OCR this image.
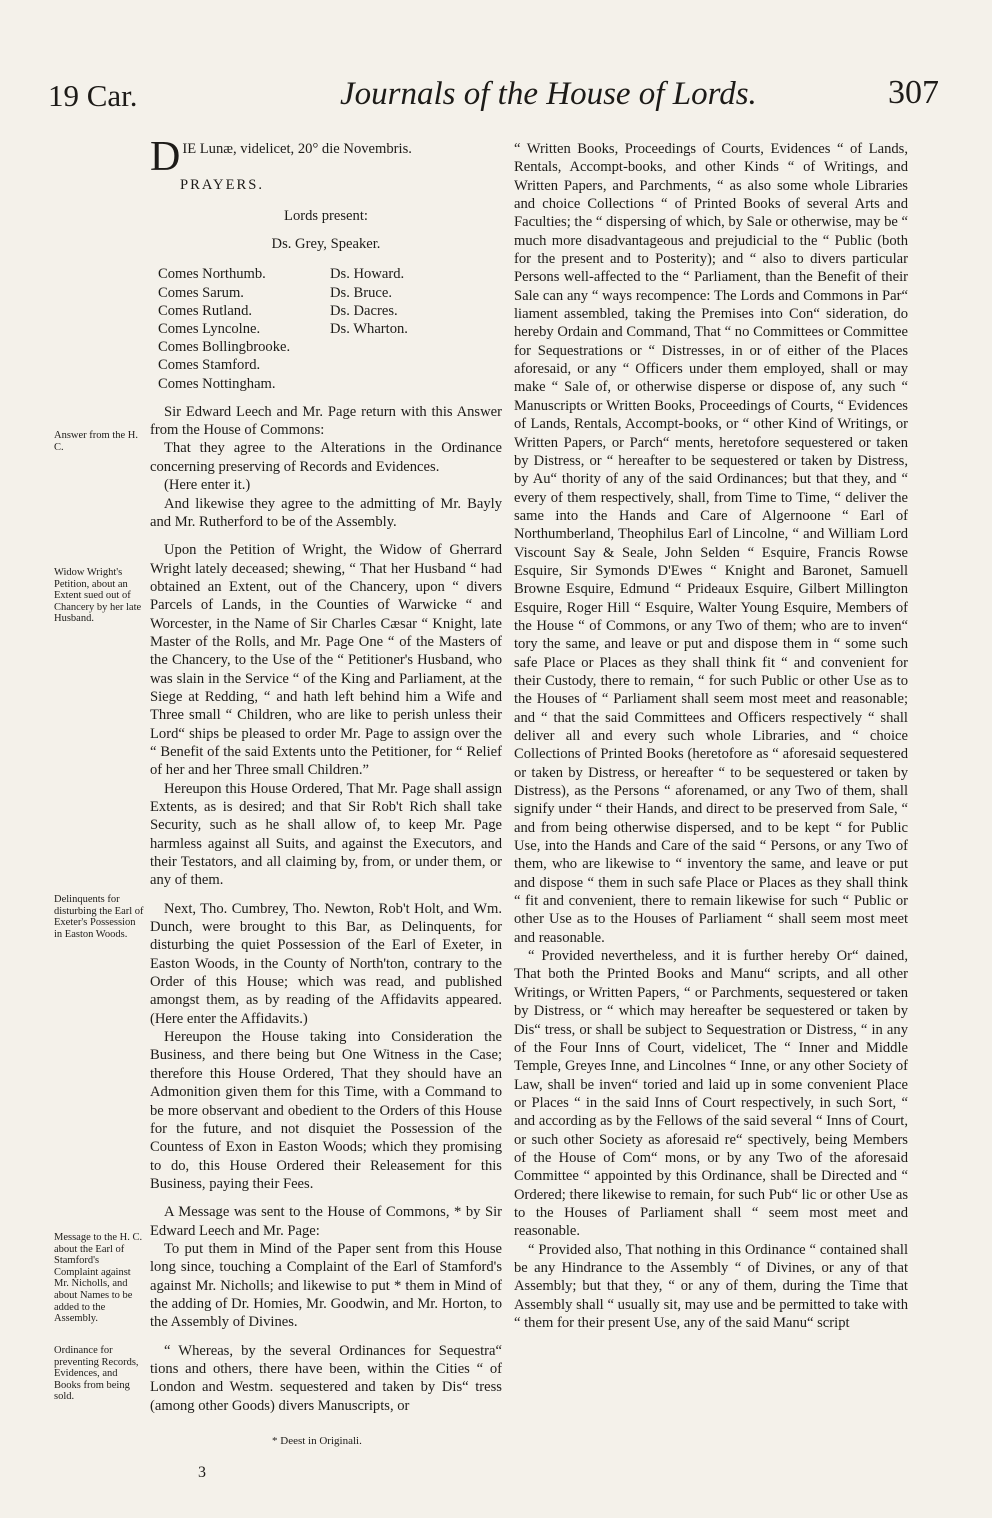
19 Car.	Journals of the House of Lords.	307
Answer from the H. C.
Widow Wright's Petition, about an Extent sued out of Chancery by her late Husband.
Delinquents for disturbing the Earl of Exeter's Possession in Easton Woods.
Message to the H. C. about the Earl of Stamford's Complaint against Mr. Nicholls, and about Names to be added to the Assembly.
Ordinance for preventing Records, Evidences, and Books from being sold.

D IE Lunæ, videlicet, 20° die Novembris.

PRAYERS.

Lords present:

Ds. Grey, Speaker.

Comes Northumb.
Comes Sarum.
Comes Rutland.
Comes Lyncolne.
Comes Bollingbrooke.
Comes Stamford.
Comes Nottingham.
Ds. Howard.
Ds. Bruce.
Ds. Dacres.
Ds. Wharton.

Sir Edward Leech and Mr. Page return with this Answer from the House of Commons:

That they agree to the Alterations in the Ordinance concerning preserving of Records and Evidences.

(Here enter it.)

And likewise they agree to the admitting of Mr. Bayly and Mr. Rutherford to be of the Assembly.

Upon the Petition of Wright, the Widow of Gherrard Wright lately deceased; shewing, “ That her Husband “ had obtained an Extent, out of the Chancery, upon “ divers Parcels of Lands, in the Counties of Warwicke “ and Worcester, in the Name of Sir Charles Cæsar “ Knight, late Master of the Rolls, and Mr. Page One “ of the Masters of the Chancery, to the Use of the “ Petitioner's Husband, who was slain in the Service “ of the King and Parliament, at the Siege at Redding, “ and hath left behind him a Wife and Three small “ Children, who are like to perish unless their Lord“ ships be pleased to order Mr. Page to assign over the “ Benefit of the said Extents unto the Petitioner, for “ Relief of her and her Three small Children.”

Hereupon this House Ordered, That Mr. Page shall assign Extents, as is desired; and that Sir Rob't Rich shall take Security, such as he shall allow of, to keep Mr. Page harmless against all Suits, and against the Executors, and their Testators, and all claiming by, from, or under them, or any of them.

Next, Tho. Cumbrey, Tho. Newton, Rob't Holt, and Wm. Dunch, were brought to this Bar, as Delinquents, for disturbing the quiet Possession of the Earl of Exeter, in Easton Woods, in the County of North'ton, contrary to the Order of this House; which was read, and published amongst them, as by reading of the Affidavits appeared. (Here enter the Affidavits.)

Hereupon the House taking into Consideration the Business, and there being but One Witness in the Case; therefore this House Ordered, That they should have an Admonition given them for this Time, with a Command to be more observant and obedient to the Orders of this House for the future, and not disquiet the Possession of the Countess of Exon in Easton Woods; which they promising to do, this House Ordered their Releasement for this Business, paying their Fees.

A Message was sent to the House of Commons, * by Sir Edward Leech and Mr. Page:

To put them in Mind of the Paper sent from this House long since, touching a Complaint of the Earl of Stamford's against Mr. Nicholls; and likewise to put * them in Mind of the adding of Dr. Homies, Mr. Goodwin, and Mr. Horton, to the Assembly of Divines.

“ Whereas, by the several Ordinances for Sequestra“ tions and others, there have been, within the Cities “ of London and Westm. sequestered and taken by Dis“ tress (among other Goods) divers Manuscripts, or

“ Written Books, Proceedings of Courts, Evidences “ of Lands, Rentals, Accompt-books, and other Kinds “ of Writings, and Written Papers, and Parchments, “ as also some whole Libraries and choice Collections “ of Printed Books of several Arts and Faculties; the “ dispersing of which, by Sale or otherwise, may be “ much more disadvantageous and prejudicial to the “ Public (both for the present and to Posterity); and “ also to divers particular Persons well-affected to the “ Parliament, than the Benefit of their Sale can any “ ways recompence: The Lords and Commons in Par“ liament assembled, taking the Premises into Con“ sideration, do hereby Ordain and Command, That “ no Committees or Committee for Sequestrations or “ Distresses, in or of either of the Places aforesaid, or any “ Officers under them employed, shall or may make “ Sale of, or otherwise disperse or dispose of, any such “ Manuscripts or Written Books, Proceedings of Courts, “ Evidences of Lands, Rentals, Accompt-books, or “ other Kind of Writings, or Written Papers, or Parch“ ments, heretofore sequestered or taken by Distress, or “ hereafter to be sequestered or taken by Distress, by Au“ thority of any of the said Ordinances; but that they, and “ every of them respectively, shall, from Time to Time, “ deliver the same into the Hands and Care of Algernoone “ Earl of Northumberland, Theophilus Earl of Lincolne, “ and William Lord Viscount Say & Seale, John Selden “ Esquire, Francis Rowse Esquire, Sir Symonds D'Ewes “ Knight and Baronet, Samuell Browne Esquire, Edmund “ Prideaux Esquire, Gilbert Millington Esquire, Roger Hill “ Esquire, Walter Young Esquire, Members of the House “ of Commons, or any Two of them; who are to inven“ tory the same, and leave or put and dispose them in “ some such safe Place or Places as they shall think fit “ and convenient for their Custody, there to remain, “ for such Public or other Use as to the Houses of “ Parliament shall seem most meet and reasonable; and “ that the said Committees and Officers respectively “ shall deliver all and every such whole Libraries, and “ choice Collections of Printed Books (heretofore as “ aforesaid sequestered or taken by Distress, or hereafter “ to be sequestered or taken by Distress), as the Persons “ aforenamed, or any Two of them, shall signify under “ their Hands, and direct to be preserved from Sale, “ and from being otherwise dispersed, and to be kept “ for Public Use, into the Hands and Care of the said “ Persons, or any Two of them, who are likewise to “ inventory the same, and leave or put and dispose “ them in such safe Place or Places as they shall think “ fit and convenient, there to remain likewise for such “ Public or other Use as to the Houses of Parliament “ shall seem most meet and reasonable.

“ Provided nevertheless, and it is further hereby Or“ dained, That both the Printed Books and Manu“ scripts, and all other Writings, or Written Papers, “ or Parchments, sequestered or taken by Distress, or “ which may hereafter be sequestered or taken by Dis“ tress, or shall be subject to Sequestration or Distress, “ in any of the Four Inns of Court, videlicet, The “ Inner and Middle Temple, Greyes Inne, and Lincolnes “ Inne, or any other Society of Law, shall be inven“ toried and laid up in some convenient Place or Places “ in the said Inns of Court respectively, in such Sort, “ and according as by the Fellows of the said several “ Inns of Court, or such other Society as aforesaid re“ spectively, being Members of the House of Com“ mons, or by any Two of the aforesaid Committee “ appointed by this Ordinance, shall be Directed and “ Ordered; there likewise to remain, for such Pub“ lic or other Use as to the Houses of Parliament shall “ seem most meet and reasonable.

“ Provided also, That nothing in this Ordinance “ contained shall be any Hindrance to the Assembly “ of Divines, or any of that Assembly; but that they, “ or any of them, during the Time that Assembly shall “ usually sit, may use and be permitted to take with “ them for their present Use, any of the said Manu“ script

* Deest in Originali.
3
